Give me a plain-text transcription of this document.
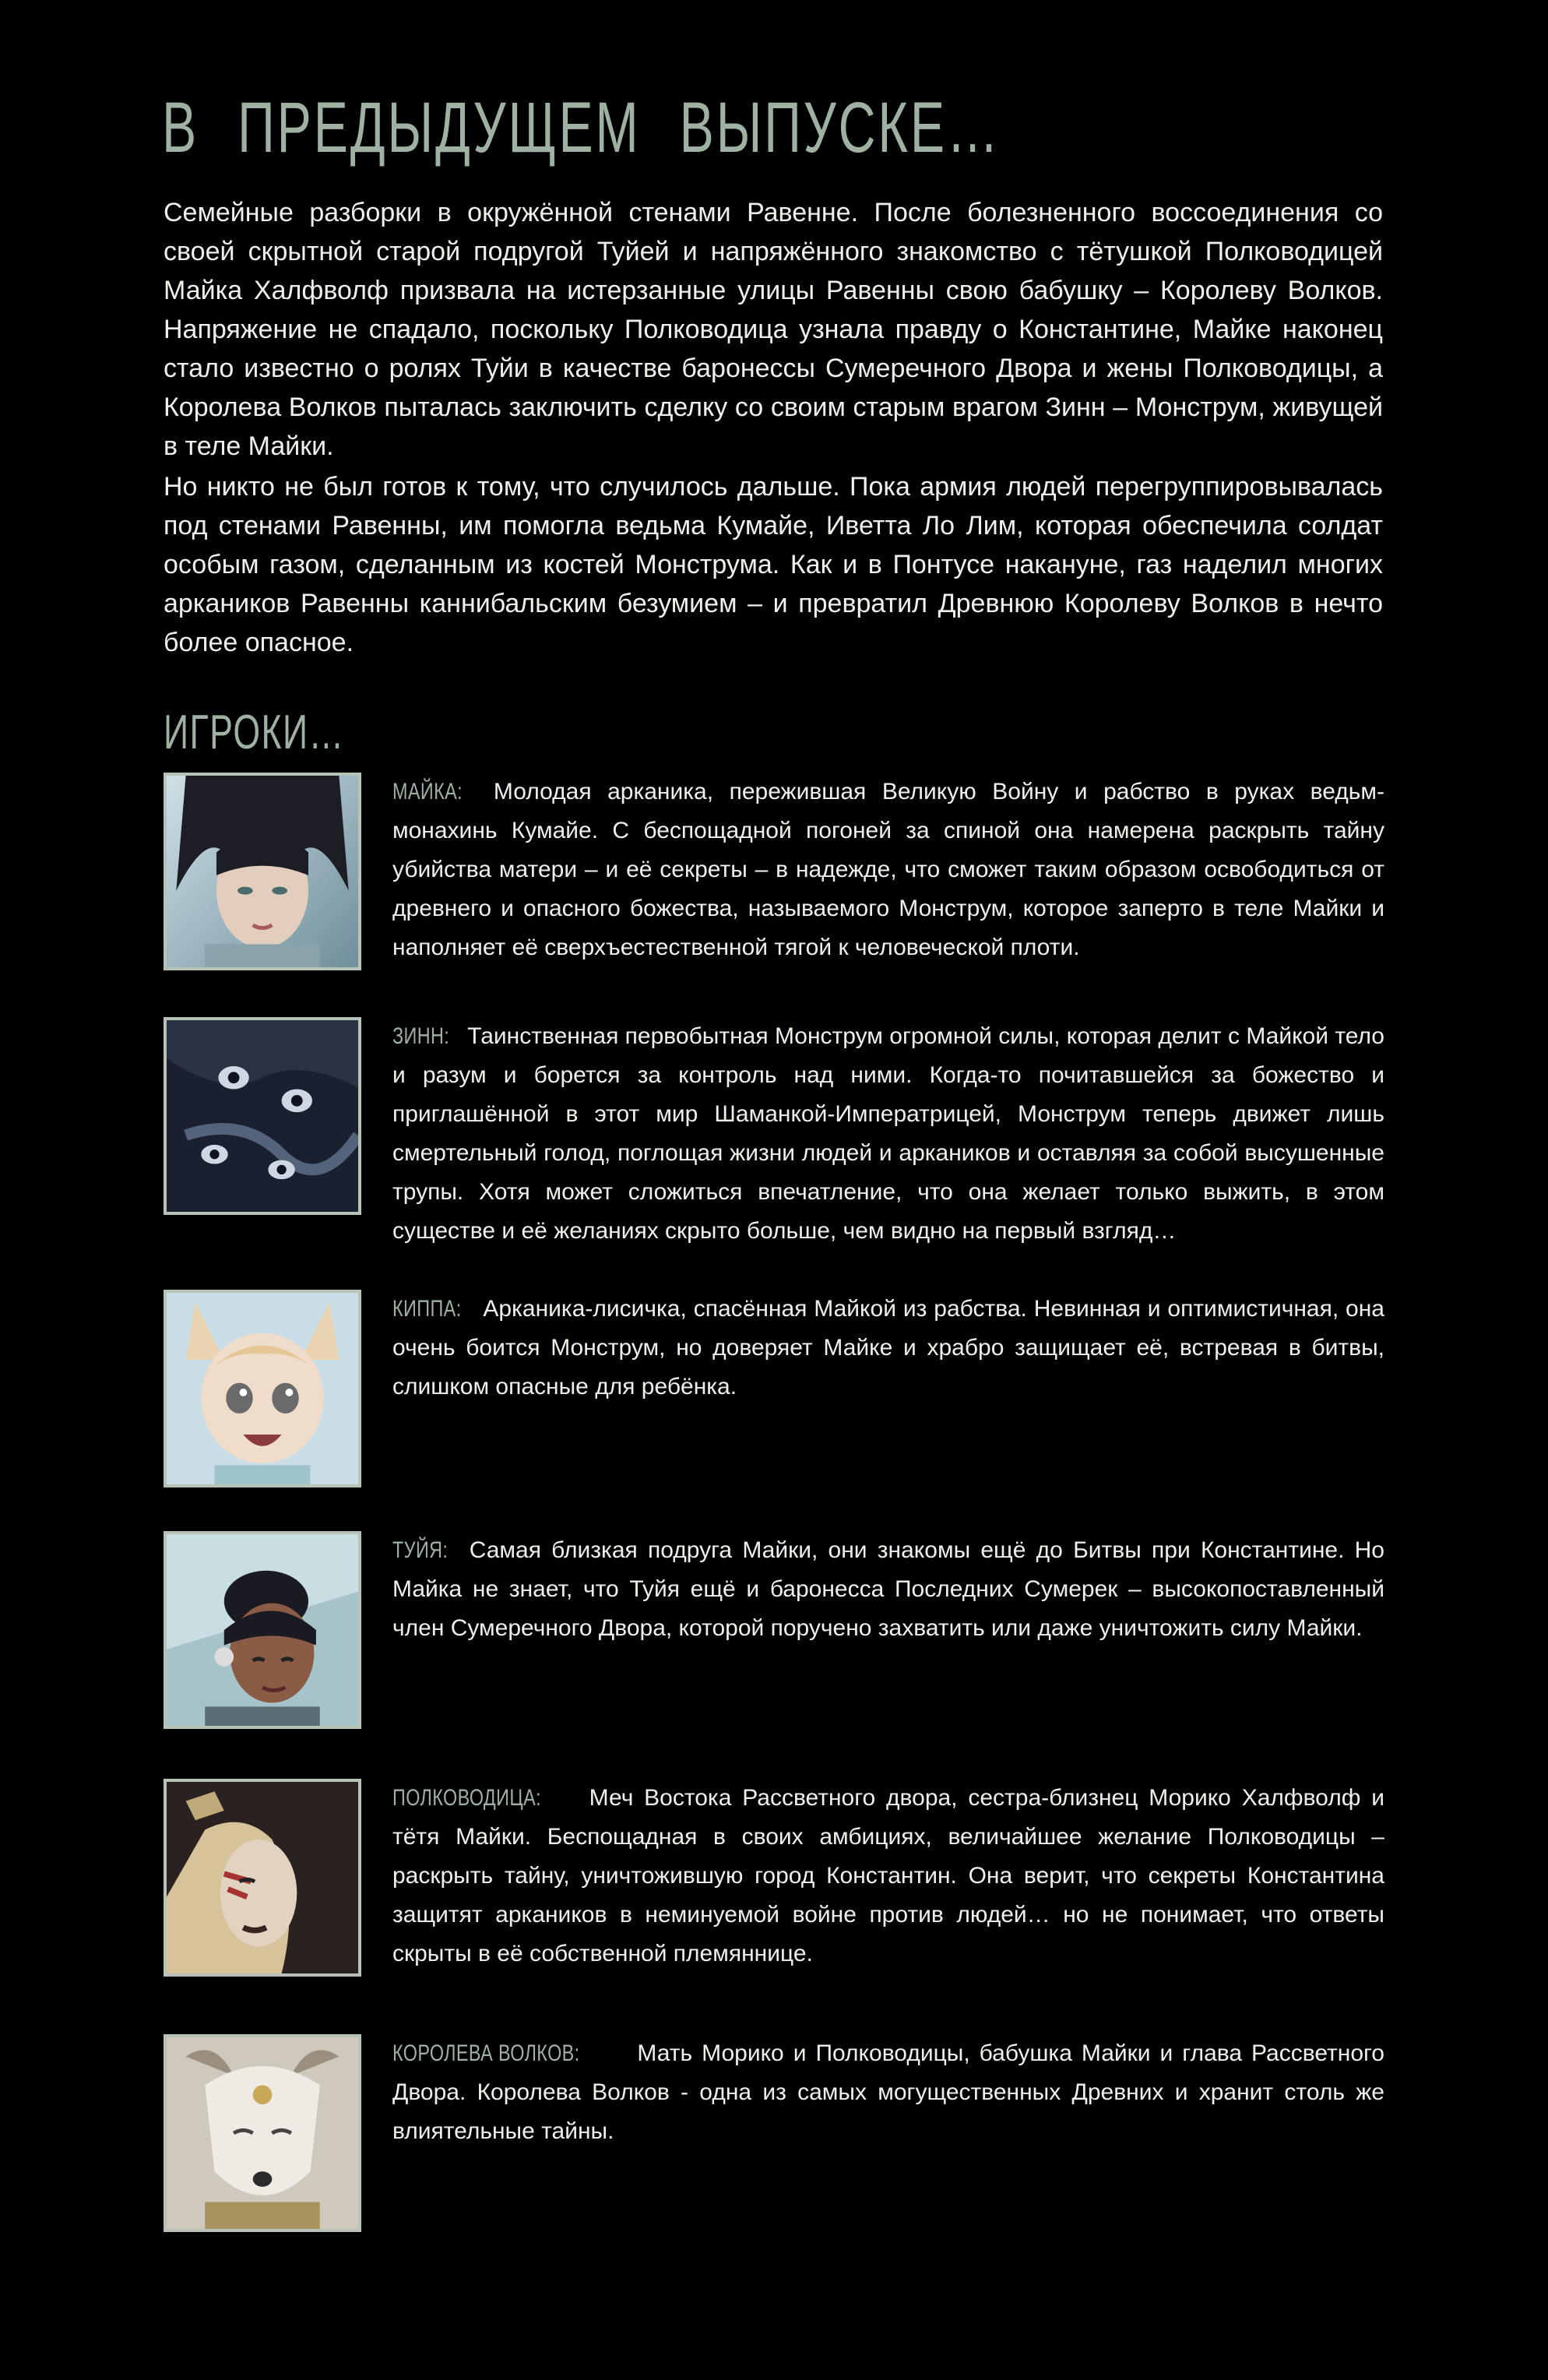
В ПРЕДЫДУЩЕМ ВЫПУСКЕ…

Семейные разборки в окружённой стенами Равенне. После болезненного воссоединения со своей скрытной старой подругой Туйей и напряжённого знакомство с тётушкой Полководицей Майка Халфволф призвала на истерзанные улицы Равенны свою бабушку – Королеву Волков. Напряжение не спадало, поскольку Полководица узнала правду о Константине, Майке наконец стало известно о ролях Туйи в качестве баронессы Сумеречного Двора и жены Полководицы, а Королева Волков пыталась заключить сделку со своим старым врагом Зинн – Монструм, живущей в теле Майки.

Но никто не был готов к тому, что случилось дальше. Пока армия людей перегруппировывалась под стенами Равенны, им помогла ведьма Кумайе, Иветта Ло Лим, которая обеспечила солдат особым газом, сделанным из костей Монструма. Как и в Понтусе накануне, газ наделил многих аркаников Равенны каннибальским безумием – и превратил Древнюю Королеву Волков в нечто более опасное.

ИГРОКИ…

МАЙКА: Молодая арканика, пережившая Великую Войну и рабство в руках ведьм-монахинь Кумайе. С беспощадной погоней за спиной она намерена раскрыть тайну убийства матери – и её секреты – в надежде, что сможет таким образом освободиться от древнего и опасного божества, называемого Монструм, которое заперто в теле Майки и наполняет её сверхъестественной тягой к человеческой плоти.

ЗИНН: Таинственная первобытная Монструм огромной силы, которая делит с Майкой тело и разум и борется за контроль над ними. Когда-то почитавшейся за божество и приглашённой в этот мир Шаманкой-Императрицей, Монструм теперь движет лишь смертельный голод, поглощая жизни людей и аркаников и оставляя за собой высушенные трупы. Хотя может сложиться впечатление, что она желает только выжить, в этом существе и её желаниях скрыто больше, чем видно на первый взгляд…

КИППА: Арканика-лисичка, спасённая Майкой из рабства. Невинная и оптимистичная, она очень боится Монструм, но доверяет Майке и храбро защищает её, встревая в битвы, слишком опасные для ребёнка.

ТУЙЯ: Самая близкая подруга Майки, они знакомы ещё до Битвы при Константине. Но Майка не знает, что Туйя ещё и баронесса Последних Сумерек – высокопоставленный член Сумеречного Двора, которой поручено захватить или даже уничтожить силу Майки.

ПОЛКОВОДИЦА: Меч Востока Рассветного двора, сестра-близнец Морико Халфволф и тётя Майки. Беспощадная в своих амбициях, величайшее желание Полководицы – раскрыть тайну, уничтожившую город Константин. Она верит, что секреты Константина защитят аркаников в неминуемой войне против людей… но не понимает, что ответы скрыты в её собственной племяннице.

КОРОЛЕВА ВОЛКОВ: Мать Морико и Полководицы, бабушка Майки и глава Рассветного Двора. Королева Волков - одна из самых могущественных Древних и хранит столь же влиятельные тайны.
